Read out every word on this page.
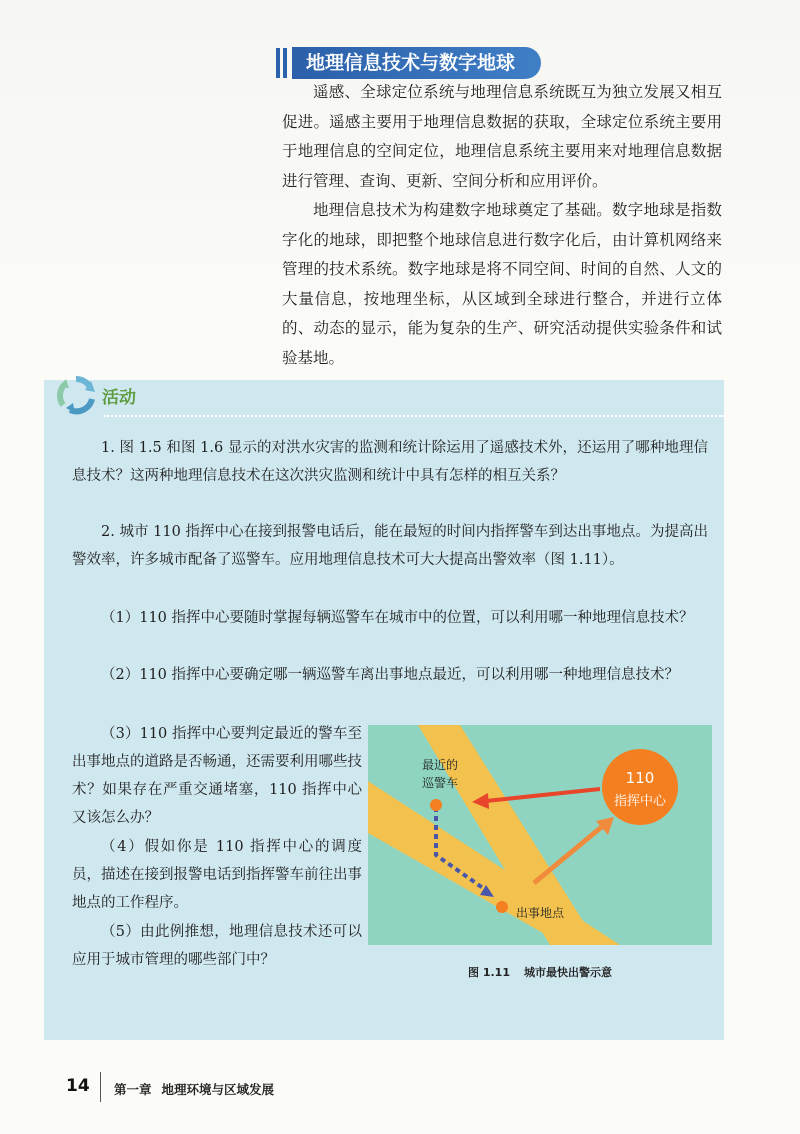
地理信息技术与数字地球

遥感、全球定位系统与地理信息系统既互为独立发展又相互促进。遥感主要用于地理信息数据的获取，全球定位系统主要用于地理信息的空间定位，地理信息系统主要用来对地理信息数据进行管理、查询、更新、空间分析和应用评价。

地理信息技术为构建数字地球奠定了基础。数字地球是指数字化的地球，即把整个地球信息进行数字化后，由计算机网络来管理的技术系统。数字地球是将不同空间、时间的自然、人文的大量信息，按地理坐标，从区域到全球进行整合，并进行立体的、动态的显示，能为复杂的生产、研究活动提供实验条件和试验基地。

活动

1. 图 1.5 和图 1.6 显示的对洪水灾害的监测和统计除运用了遥感技术外，还运用了哪种地理信息技术？这两种地理信息技术在这次洪灾监测和统计中具有怎样的相互关系？

2. 城市 110 指挥中心在接到报警电话后，能在最短的时间内指挥警车到达出事地点。为提高出警效率，许多城市配备了巡警车。应用地理信息技术可大大提高出警效率（图 1.11）。

（1）110 指挥中心要随时掌握每辆巡警车在城市中的位置，可以利用哪一种地理信息技术？

（2）110 指挥中心要确定哪一辆巡警车离出事地点最近，可以利用哪一种地理信息技术？

（3）110 指挥中心要判定最近的警车至出事地点的道路是否畅通，还需要利用哪些技术？如果存在严重交通堵塞，110 指挥中心又该怎么办？

（4）假如你是 110 指挥中心的调度员，描述在接到报警电话到指挥警车前往出事地点的工作程序。

（5）由此例推想，地理信息技术还可以应用于城市管理的哪些部门中？

110
指挥中心
最近的
巡警车
出事地点
图 1.11 城市最快出警示意
14 第一章 地理环境与区域发展
